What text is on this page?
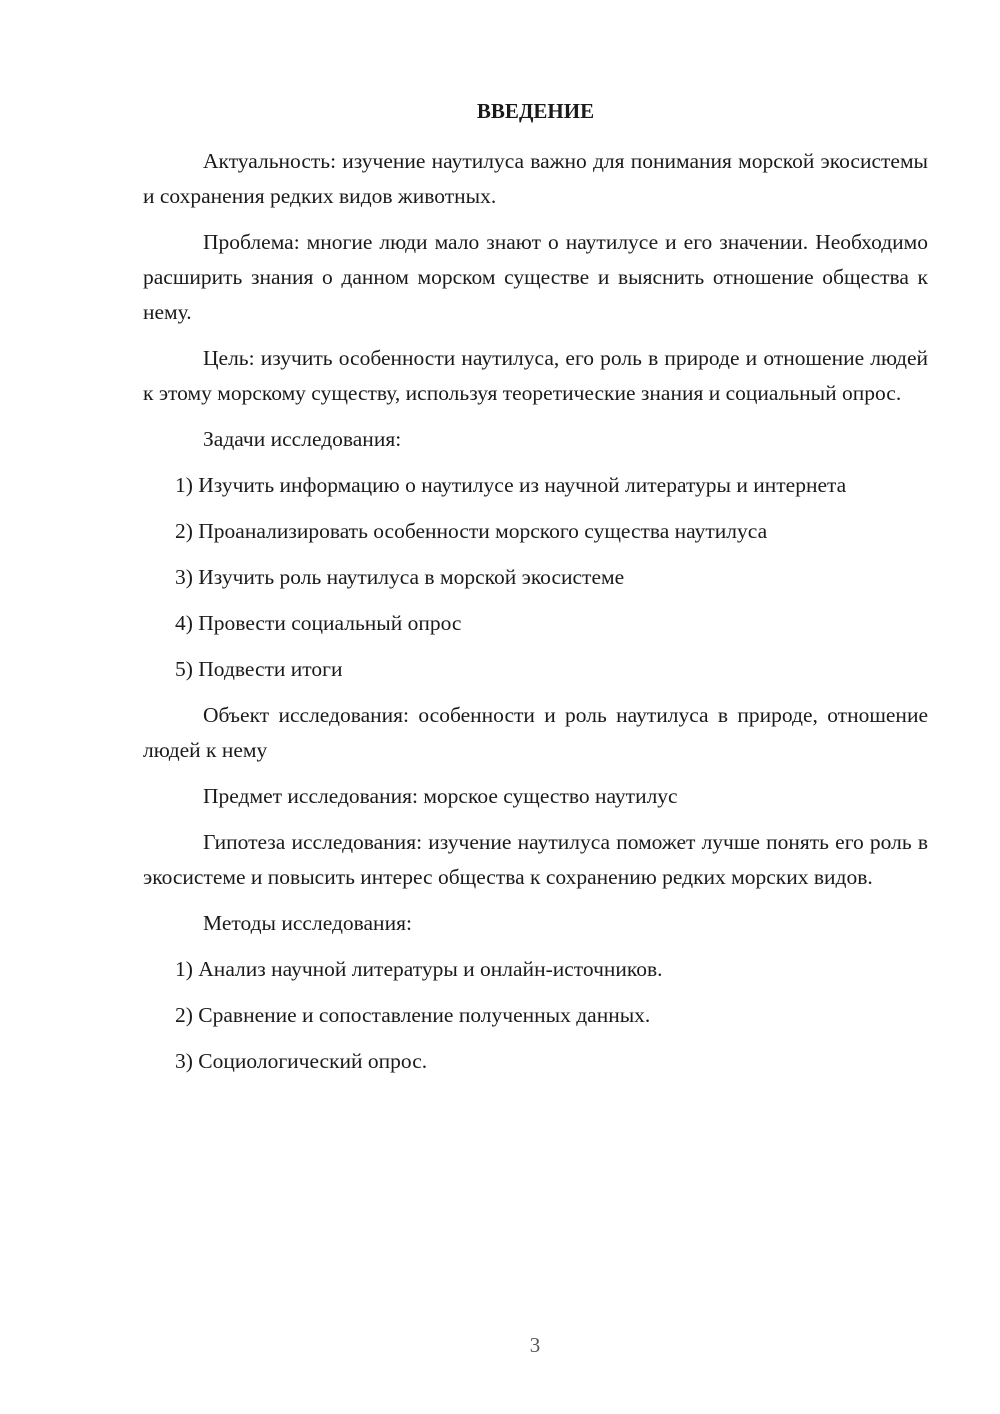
ВВЕДЕНИЕ

Актуальность: изучение наутилуса важно для понимания морской экосистемы и сохранения редких видов животных.

Проблема: многие люди мало знают о наутилусе и его значении. Необходимо расширить знания о данном морском существе и выяснить отношение общества к нему.

Цель: изучить особенности наутилуса, его роль в природе и отношение людей к этому морскому существу, используя теоретические знания и социальный опрос.

Задачи исследования:

1) Изучить информацию о наутилусе из научной литературы и интернета

2) Проанализировать особенности морского существа наутилуса

3) Изучить роль наутилуса в морской экосистеме

4) Провести социальный опрос

5) Подвести итоги

Объект исследования: особенности и роль наутилуса в природе, отношение людей к нему

Предмет исследования: морское существо наутилус

Гипотеза исследования: изучение наутилуса поможет лучше понять его роль в экосистеме и повысить интерес общества к сохранению редких морских видов.

Методы исследования:

1) Анализ научной литературы и онлайн-источников.

2) Сравнение и сопоставление полученных данных.

3) Социологический опрос.

3
